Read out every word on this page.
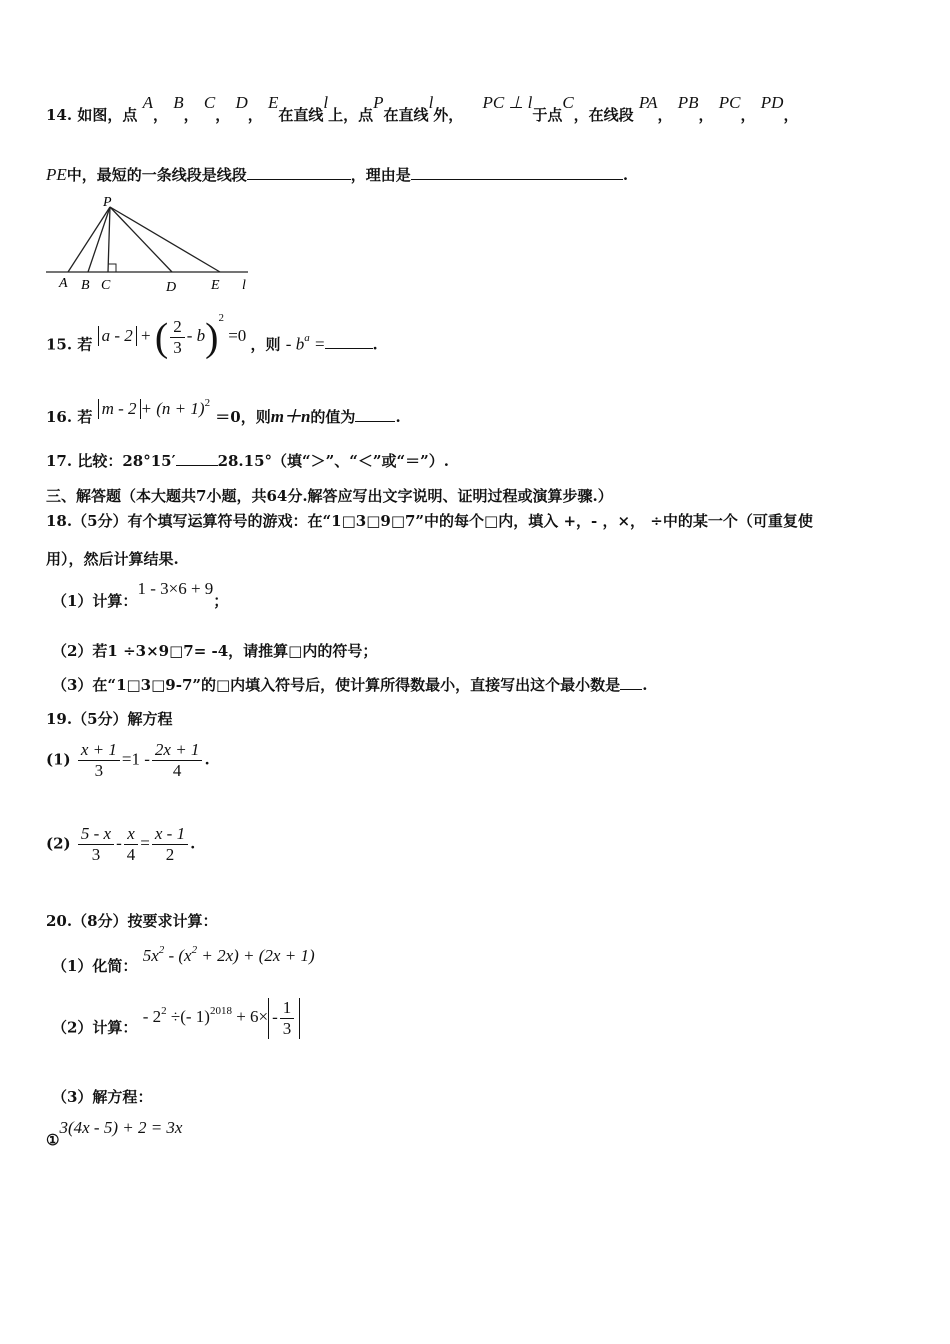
14. 如图，点 A， B， C， D， E在直线l上，点P在直线l外， PC ⊥ l于点C，在线段 PA， PB， PC， PD，
PE中，最短的一条线段是线段	，理由是	.
P
A B C	D E l
15. 若 a - 2 + ( $\frac{2}{3} - b)^2 =0$ ，则 - $b^a$ =	.
16. 若 $m - 2 + (n + 1)^2 =0$，则m＋n的值为	.
17. 比较：28°15′	28.15°（填“＞”、“＜”或“＝”）.
三、解答题（本大题共7小题，共64分.解答应写出文字说明、证明过程或演算步骤.）
18.（5分）有个填写运算符号的游戏：在“1□3□9□7”中的每个□内，填入 +，- ，×， ÷中的某一个（可重复使
用），然后计算结果.
（1）计算：1 - 3×6 + 9；
（2）若1 ÷3×9□7= -4，请推算□内的符号；
（3）在“1□3□9-7”的□内填入符号后，使计算所得数最小，直接写出这个最小数是 .
19.（5分）解方程
$(1) \frac{x + 1}{3} =1 - \frac{2x + 1}{4}$ .
$(2) \frac{5 - x}{3} - \frac{x}{4} = \frac{x - 1}{2}$ .
20.（8分）按要求计算：
（1）化简： $5x^2 - (x^2 + 2x) + (2x + 1)$
（2）计算： - $2^2$ ÷(- $1)^{2018} + 6\times - \frac{1}{3}$
（3）解方程：
①3(4x - 5) + 2 = 3x
